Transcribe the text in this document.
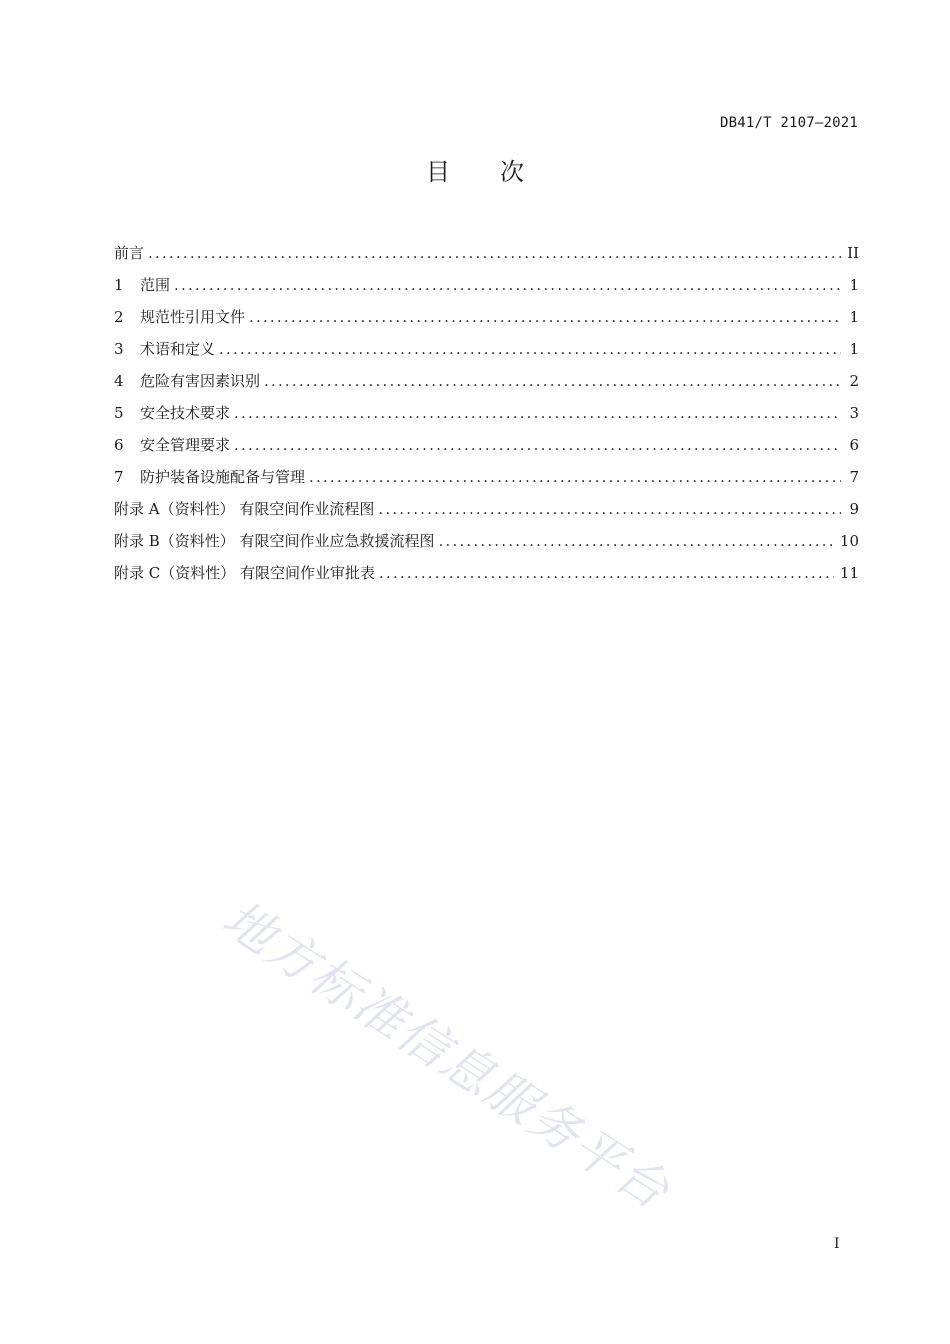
DB41/T 2107—2021
目 次
前言 .....	II
1	范围 .....	1
2	规范性引用文件 .....	1
3	术语和定义 .....	1
4	危险有害因素识别 .....	2
5	安全技术要求 .....	3
6	安全管理要求 .....	6
7	防护装备设施配备与管理 .....	7
附录 A（资料性） 有限空间作业流程图 .....	9
附录 B（资料性） 有限空间作业应急救援流程图 .....	10
附录 C（资料性） 有限空间作业审批表 .....	11
地方标准信息服务平台
I
